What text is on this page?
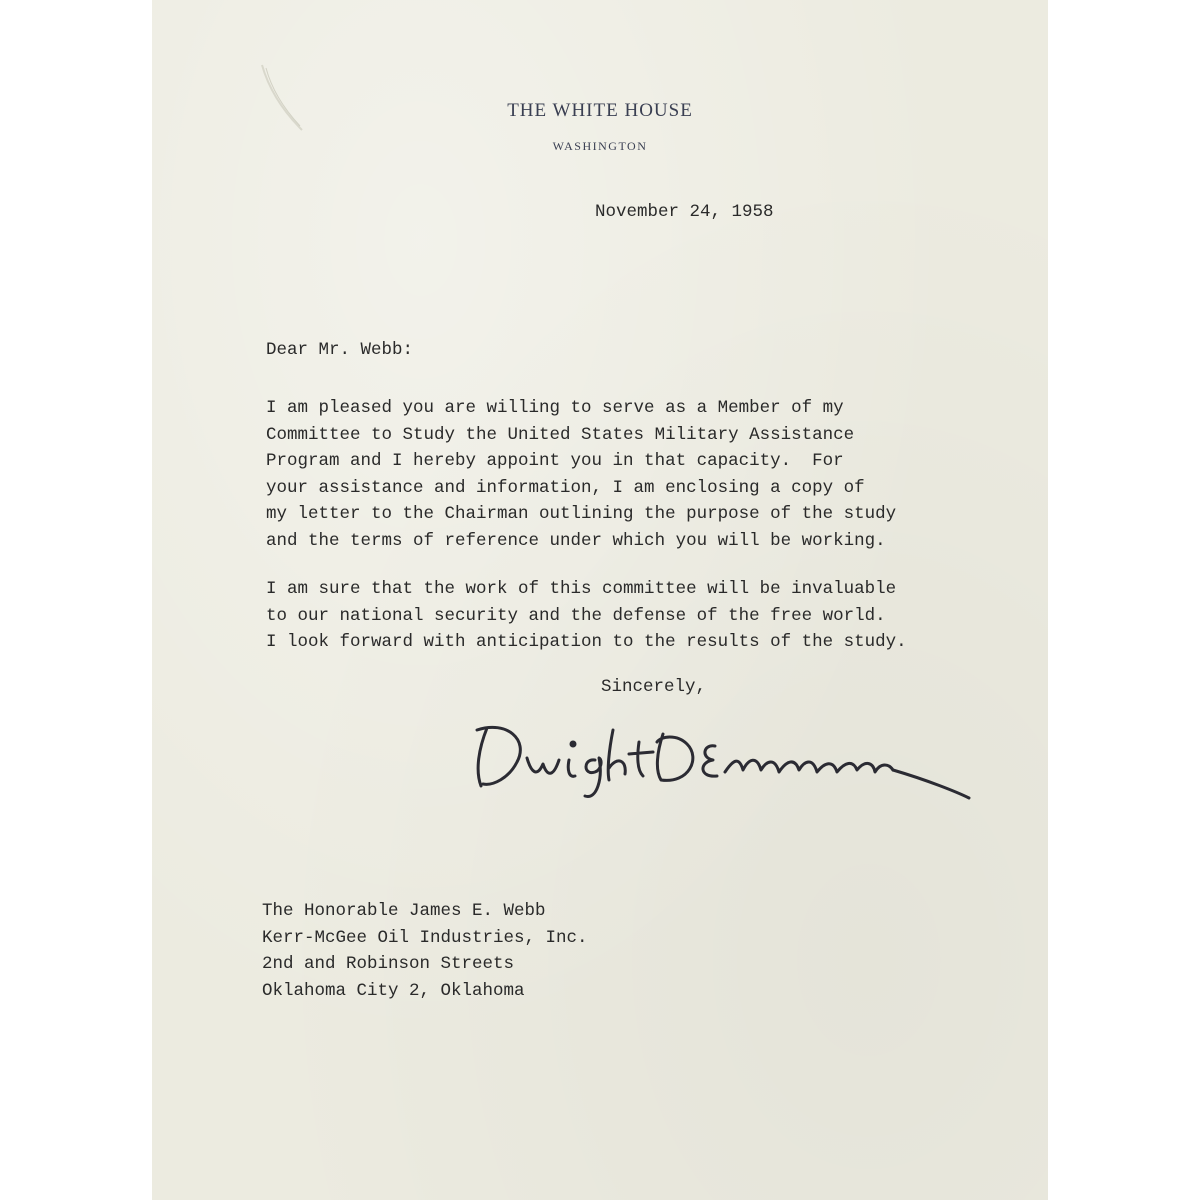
THE WHITE HOUSE
WASHINGTON

November 24, 1958

Dear Mr. Webb:

I am pleased you are willing to serve as a Member of my
Committee to Study the United States Military Assistance
Program and I hereby appoint you in that capacity.  For
your assistance and information, I am enclosing a copy of
my letter to the Chairman outlining the purpose of the study
and the terms of reference under which you will be working.
I am sure that the work of this committee will be invaluable
to our national security and the defense of the free world.
I look forward with anticipation to the results of the study.

Sincerely,

The Honorable James E. Webb
Kerr-McGee Oil Industries, Inc.
2nd and Robinson Streets
Oklahoma City 2, Oklahoma
